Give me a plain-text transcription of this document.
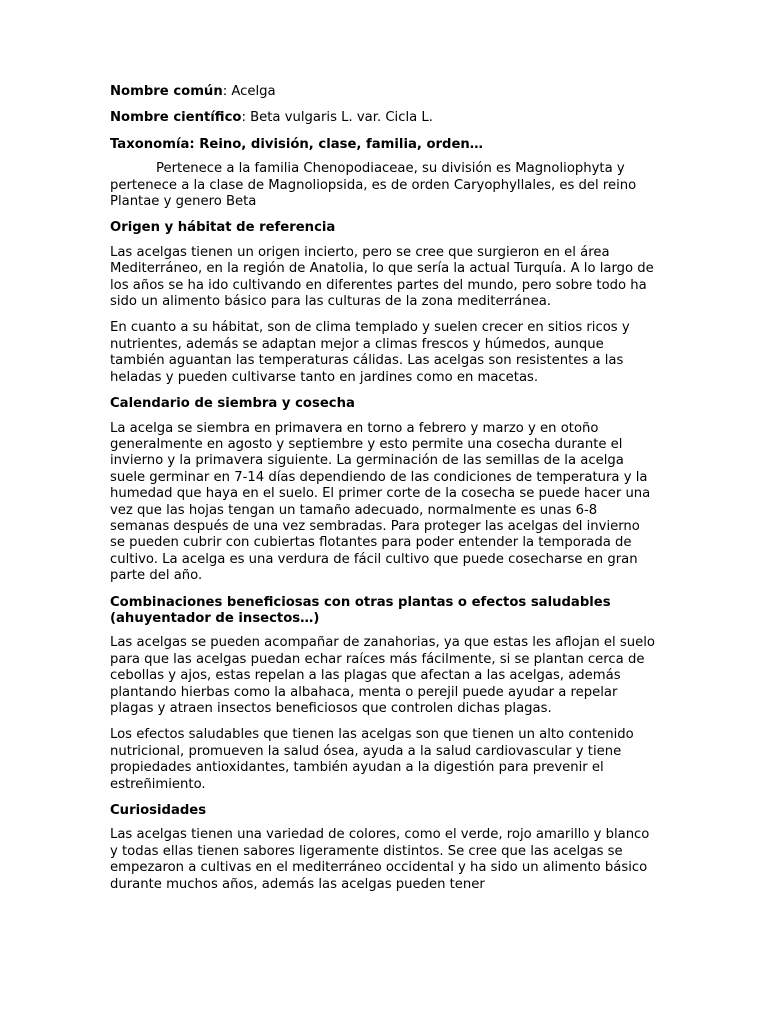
Nombre común: Acelga
Nombre científico: Beta vulgaris L. var. Cicla L.
Taxonomía: Reino, división, clase, familia, orden…

Pertenece a la familia Chenopodiaceae, su división es Magnoliophyta y pertenece a la clase de Magnoliopsida, es de orden Caryophyllales, es del reino Plantae y genero Beta

Origen y hábitat de referencia

Las acelgas tienen un origen incierto, pero se cree que surgieron en el área Mediterráneo, en la región de Anatolia, lo que sería la actual Turquía. A lo largo de los años se ha ido cultivando en diferentes partes del mundo, pero sobre todo ha sido un alimento básico para las culturas de la zona mediterránea.

En cuanto a su hábitat, son de clima templado y suelen crecer en sitios ricos y nutrientes, además se adaptan mejor a climas frescos y húmedos, aunque también aguantan las temperaturas cálidas. Las acelgas son resistentes a las heladas y pueden cultivarse tanto en jardines como en macetas.

Calendario de siembra y cosecha

La acelga se siembra en primavera en torno a febrero y marzo y en otoño generalmente en agosto y septiembre y esto permite una cosecha durante el invierno y la primavera siguiente. La germinación de las semillas de la acelga suele germinar en 7-14 días dependiendo de las condiciones de temperatura y la humedad que haya en el suelo. El primer corte de la cosecha se puede hacer una vez que las hojas tengan un tamaño adecuado, normalmente es unas 6-8 semanas después de una vez sembradas. Para proteger las acelgas del invierno se pueden cubrir con cubiertas flotantes para poder entender la temporada de cultivo. La acelga es una verdura de fácil cultivo que puede cosecharse en gran parte del año.

Combinaciones beneficiosas con otras plantas o efectos saludables (ahuyentador de insectos…)

Las acelgas se pueden acompañar de zanahorias, ya que estas les aflojan el suelo para que las acelgas puedan echar raíces más fácilmente, si se plantan cerca de cebollas y ajos, estas repelan a las plagas que afectan a las acelgas, además plantando hierbas como la albahaca, menta o perejil puede ayudar a repelar plagas y atraen insectos beneficiosos que controlen dichas plagas.

Los efectos saludables que tienen las acelgas son que tienen un alto contenido nutricional, promueven la salud ósea, ayuda a la salud cardiovascular y tiene propiedades antioxidantes, también ayudan a la digestión para prevenir el estreñimiento.

Curiosidades

Las acelgas tienen una variedad de colores, como el verde, rojo amarillo y blanco y todas ellas tienen sabores ligeramente distintos. Se cree que las acelgas se empezaron a cultivas en el mediterráneo occidental y ha sido un alimento básico durante muchos años, además las acelgas pueden tener
